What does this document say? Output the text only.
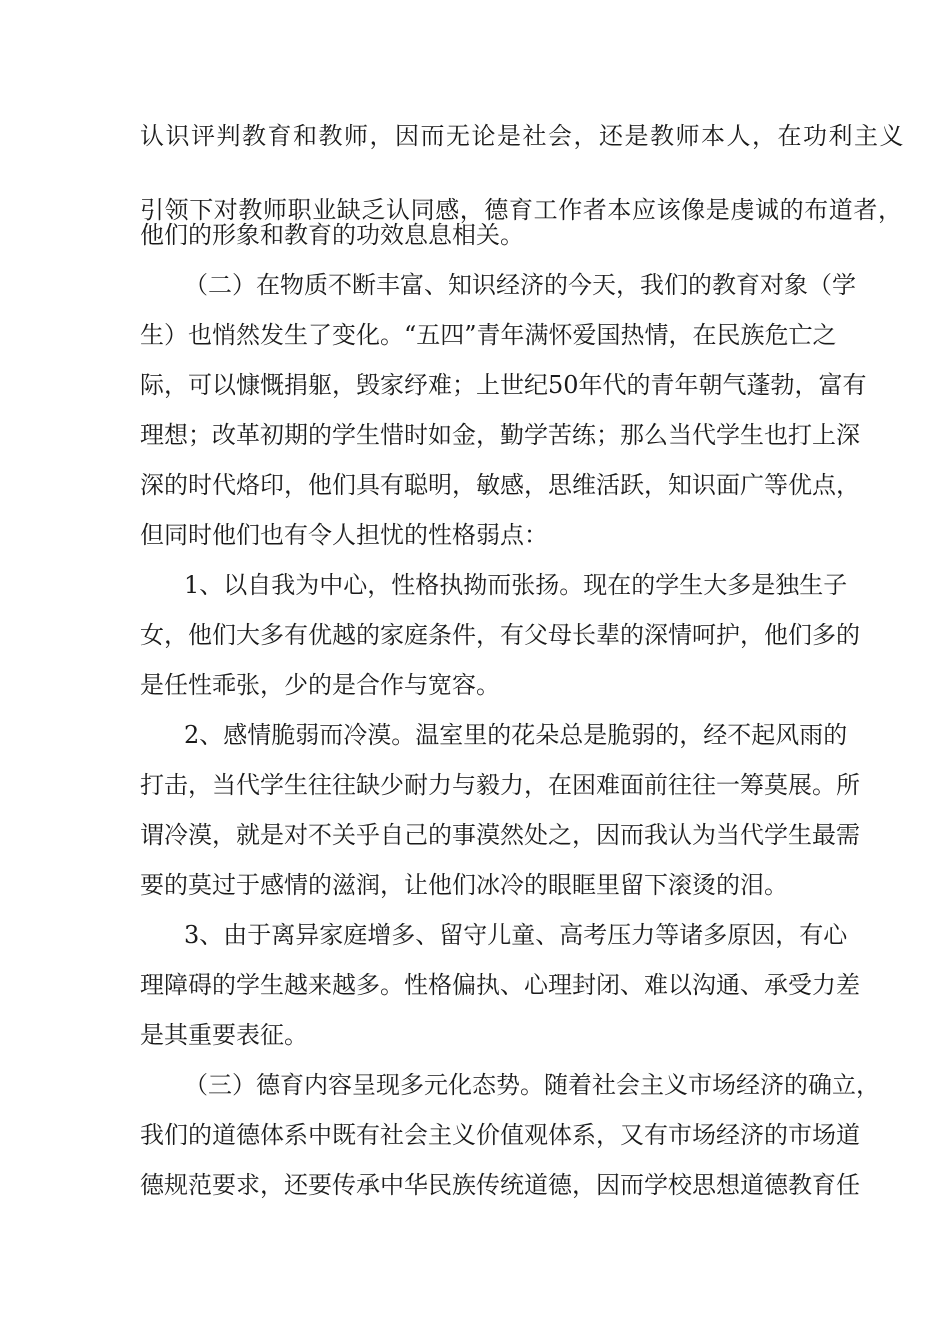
认识评判教育和教师，因而无论是社会，还是教师本人，在功利主义
引领下对教师职业缺乏认同感，德育工作者本应该像是虔诚的布道者，
他们的形象和教育的功效息息相关。
（二）在物质不断丰富、知识经济的今天，我们的教育对象（学
生）也悄然发生了变化。“五四”青年满怀爱国热情，在民族危亡之
际，可以慷慨捐躯，毁家纾难；上世纪50年代的青年朝气蓬勃，富有
理想；改革初期的学生惜时如金，勤学苦练；那么当代学生也打上深
深的时代烙印，他们具有聪明，敏感，思维活跃，知识面广等优点，
但同时他们也有令人担忧的性格弱点：
1、以自我为中心，性格执拗而张扬。现在的学生大多是独生子
女，他们大多有优越的家庭条件，有父母长辈的深情呵护，他们多的
是任性乖张，少的是合作与宽容。
2、感情脆弱而冷漠。温室里的花朵总是脆弱的，经不起风雨的
打击，当代学生往往缺少耐力与毅力，在困难面前往往一筹莫展。所
谓冷漠，就是对不关乎自己的事漠然处之，因而我认为当代学生最需
要的莫过于感情的滋润，让他们冰冷的眼眶里留下滚烫的泪。
3、由于离异家庭增多、留守儿童、高考压力等诸多原因，有心
理障碍的学生越来越多。性格偏执、心理封闭、难以沟通、承受力差
是其重要表征。
（三）德育内容呈现多元化态势。随着社会主义市场经济的确立，
我们的道德体系中既有社会主义价值观体系，又有市场经济的市场道
德规范要求，还要传承中华民族传统道德，因而学校思想道德教育任
